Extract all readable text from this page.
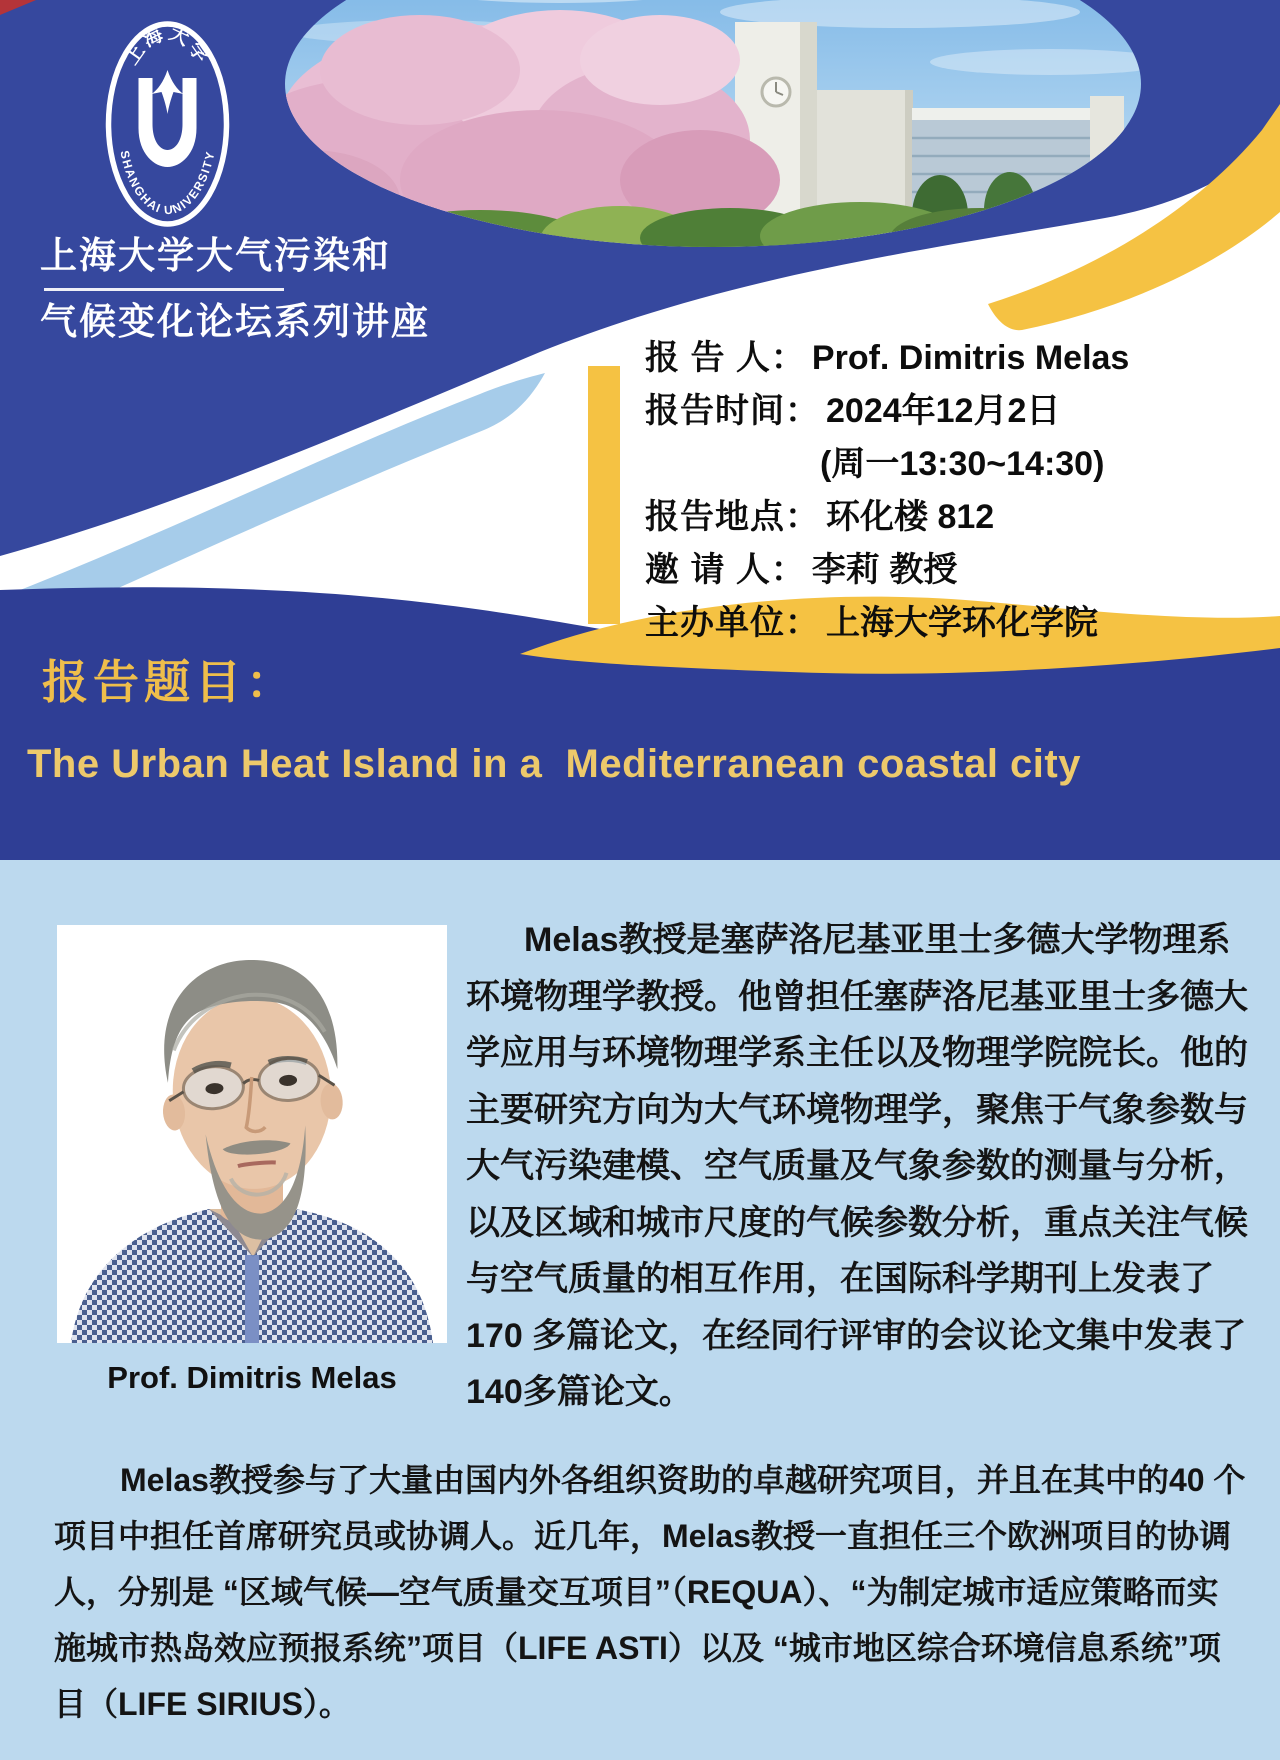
上海大学
SHANGHAI UNIVERSITY
上海大学大气污染和
气候变化论坛系列讲座
报 告 人： Prof. Dimitris Melas
报告时间： 2024年12月2日
(周一13:30~14:30)
报告地点： 环化楼 812
邀 请 人： 李莉 教授
主办单位： 上海大学环化学院
报告题目：
The Urban Heat Island in a  Mediterranean coastal city
Prof. Dimitris Melas
Melas教授是塞萨洛尼基亚里士多德大学物理系
环境物理学教授。他曾担任塞萨洛尼基亚里士多德大
学应用与环境物理学系主任以及物理学院院长。他的
主要研究方向为大气环境物理学，聚焦于气象参数与
大气污染建模、空气质量及气象参数的测量与分析，
以及区域和城市尺度的气候参数分析，重点关注气候
与空气质量的相互作用，在国际科学期刊上发表了
170 多篇论文，在经同行评审的会议论文集中发表了
140多篇论文。
Melas教授参与了大量由国内外各组织资助的卓越研究项目，并且在其中的40 个
项目中担任首席研究员或协调人。近几年，Melas教授一直担任三个欧洲项目的协调
人，分别是 “区域气候—空气质量交互项目”（REQUA）、“为制定城市适应策略而实
施城市热岛效应预报系统”项目（LIFE ASTI）以及 “城市地区综合环境信息系统”项
目（LIFE SIRIUS）。
